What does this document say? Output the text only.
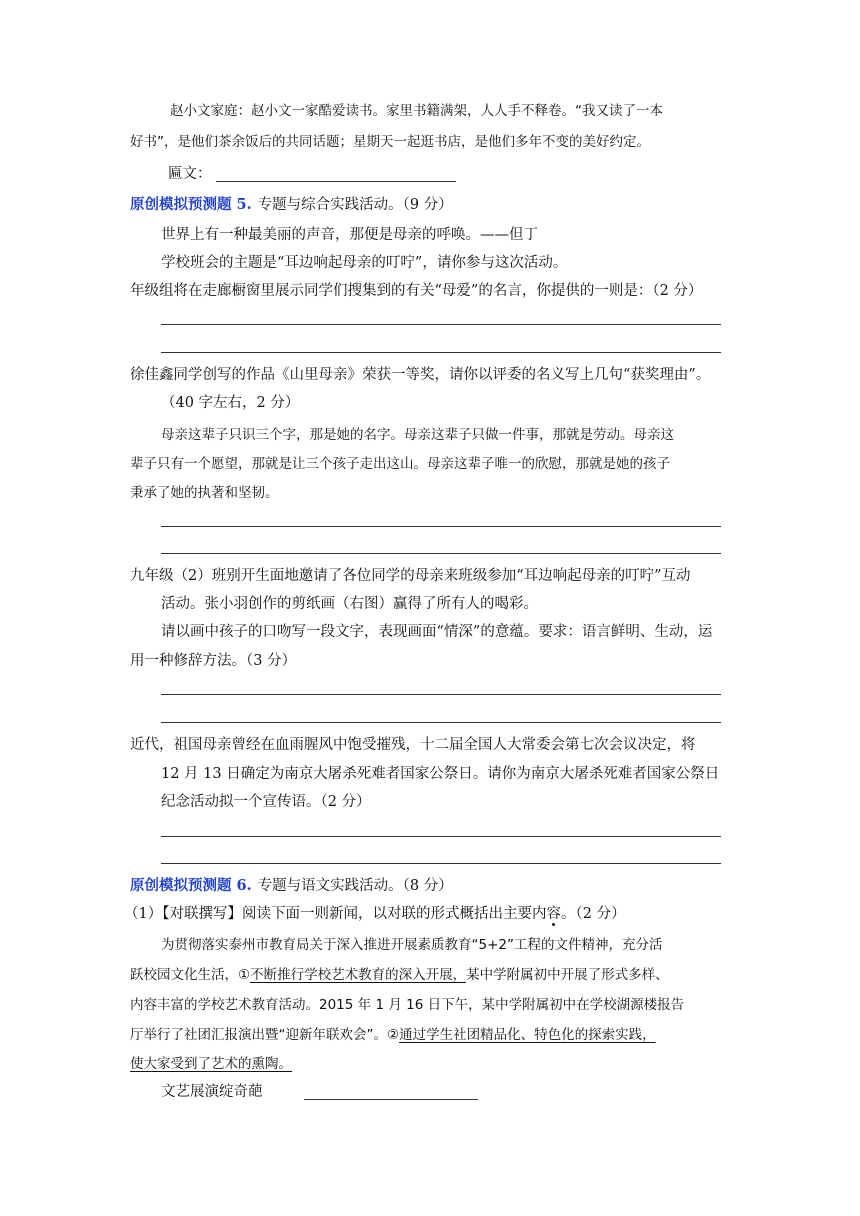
赵小文家庭：赵小文一家酷爱读书。家里书籍满架，人人手不释卷。“我又读了一本
好书”，是他们茶余饭后的共同话题；星期天一起逛书店，是他们多年不变的美好约定。
匾文：
原创模拟预测题 5. 专题与综合实践活动。（9 分）
世界上有一种最美丽的声音，那便是母亲的呼唤。——但丁
学校班会的主题是“耳边响起母亲的叮咛”，请你参与这次活动。
年级组将在走廊橱窗里展示同学们搜集到的有关“母爱”的名言，你提供的一则是：（2 分）
徐佳鑫同学创写的作品《山里母亲》荣获一等奖，请你以评委的名义写上几句“获奖理由”。
（40 字左右，2 分）
母亲这辈子只识三个字，那是她的名字。母亲这辈子只做一件事，那就是劳动。母亲这
辈子只有一个愿望，那就是让三个孩子走出这山。母亲这辈子唯一的欣慰，那就是她的孩子
秉承了她的执著和坚韧。
九年级（2）班别开生面地邀请了各位同学的母亲来班级参加“耳边响起母亲的叮咛”互动
活动。张小羽创作的剪纸画（右图）赢得了所有人的喝彩。
请以画中孩子的口吻写一段文字，表现画面“情深”的意蕴。要求：语言鲜明、生动，运
用一种修辞方法。（3 分）
近代，祖国母亲曾经在血雨腥风中饱受摧残，十二届全国人大常委会第七次会议决定，将
12 月 13 日确定为南京大屠杀死难者国家公祭日。请你为南京大屠杀死难者国家公祭日
纪念活动拟一个宣传语。（2 分）
原创模拟预测题 6. 专题与语文实践活动。（8 分）
（1）【对联撰写】阅读下面一则新闻，以对联的形式概括出主要内容。（2 分）
为贯彻落实泰州市教育局关于深入推进开展素质教育“5+2”工程的文件精神，充分活
跃校园文化生活，①不断推行学校艺术教育的深入开展，某中学附属初中开展了形式多样、
内容丰富的学校艺术教育活动。2015 年 1 月 16 日下午，某中学附属初中在学校湖源楼报告
厅举行了社团汇报演出暨“迎新年联欢会”。②通过学生社团精品化、特色化的探索实践，
使大家受到了艺术的熏陶。
文艺展演绽奇葩
